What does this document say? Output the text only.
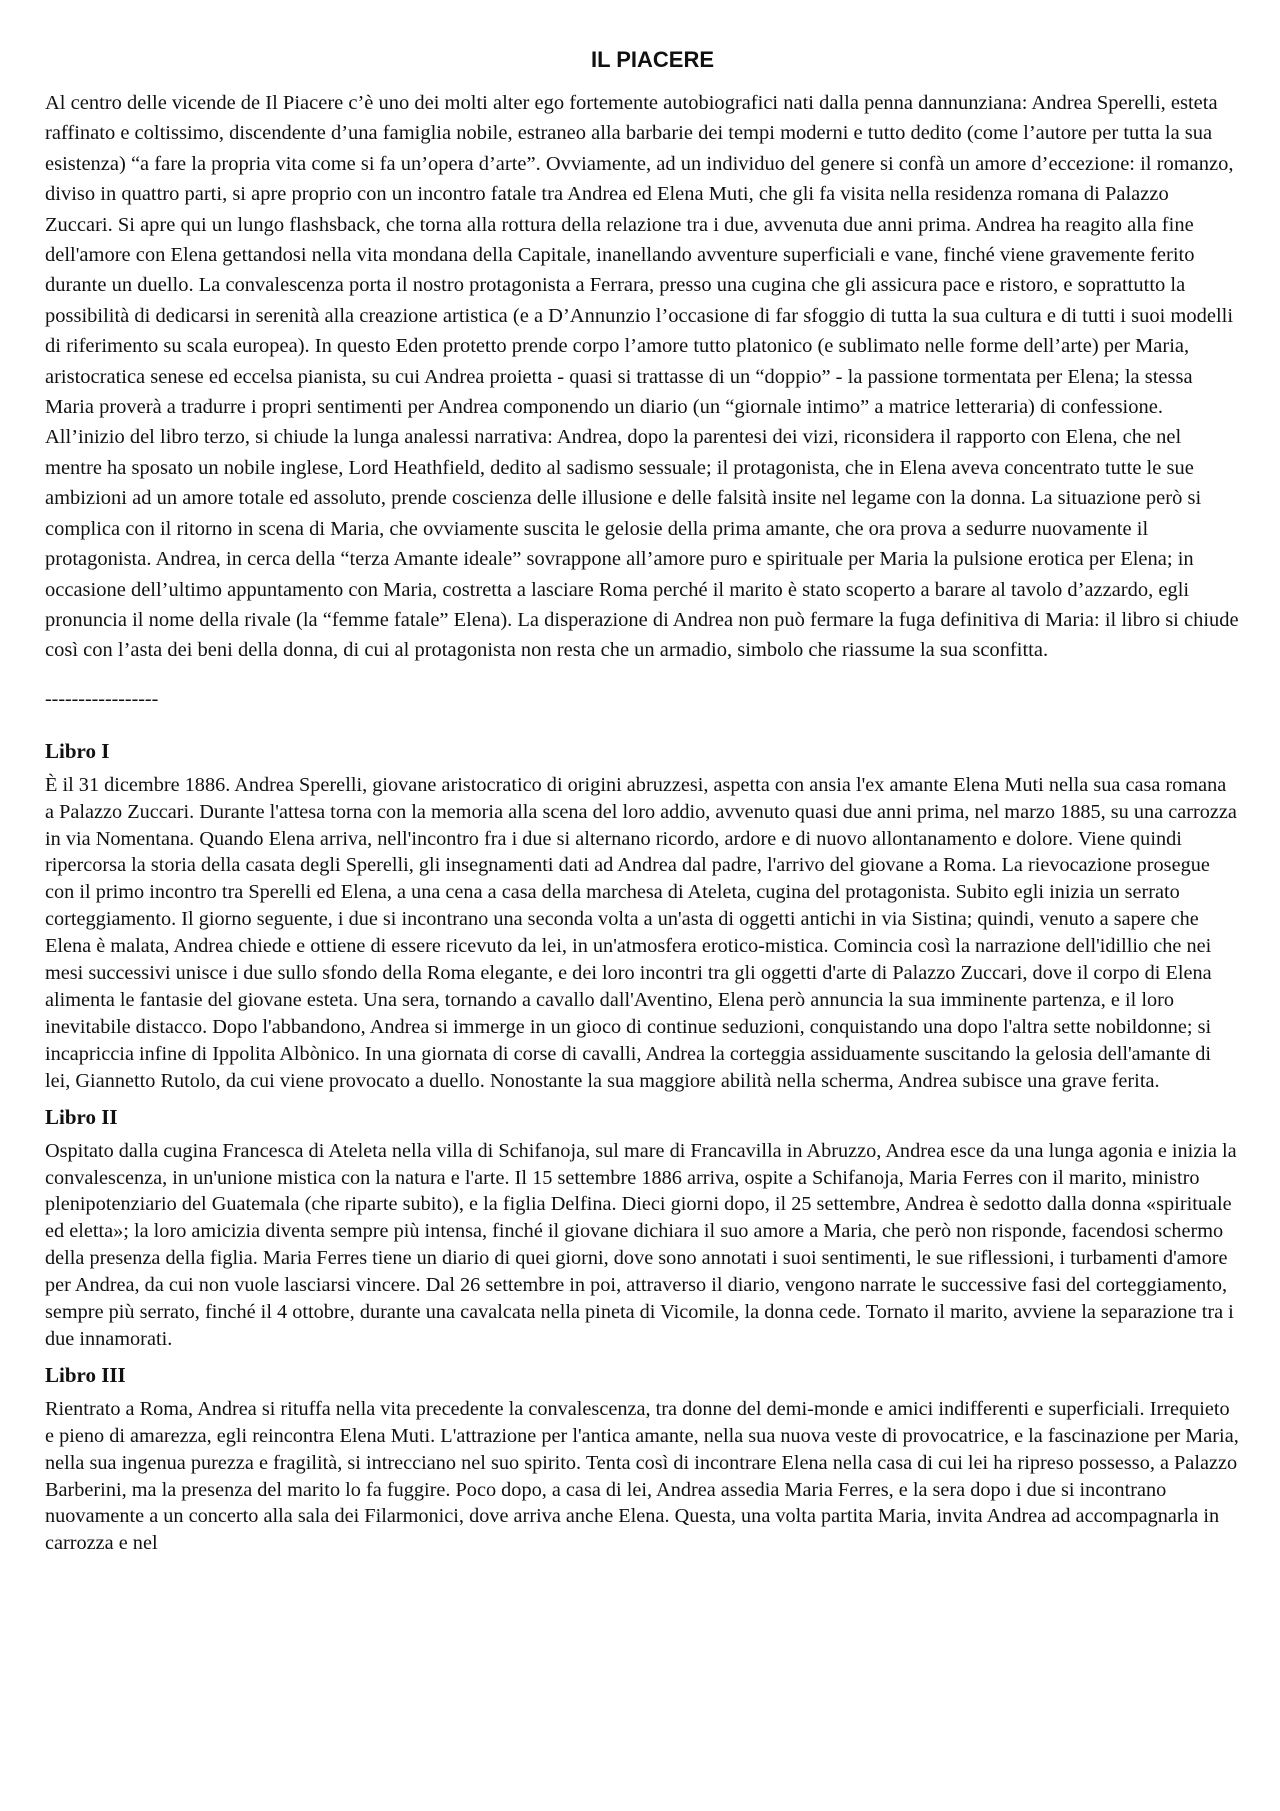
IL PIACERE

Al centro delle vicende de Il Piacere c’è uno dei molti alter ego fortemente autobiografici nati dalla penna dannunziana: Andrea Sperelli, esteta raffinato e coltissimo, discendente d’una famiglia nobile, estraneo alla barbarie dei tempi moderni e tutto dedito (come l’autore per tutta la sua esistenza) “a fare la propria vita come si fa un’opera d’arte”. Ovviamente, ad un individuo del genere si confà un amore d’eccezione: il romanzo, diviso in quattro parti, si apre proprio con un incontro fatale tra Andrea ed Elena Muti, che gli fa visita nella residenza romana di Palazzo Zuccari. Si apre qui un lungo flashsback, che torna alla rottura della relazione tra i due, avvenuta due anni prima. Andrea ha reagito alla fine dell'amore con Elena gettandosi nella vita mondana della Capitale, inanellando avventure superficiali e vane, finché viene gravemente ferito durante un duello. La convalescenza porta il nostro protagonista a Ferrara, presso una cugina che gli assicura pace e ristoro, e soprattutto la possibilità di dedicarsi in serenità alla creazione artistica (e a D’Annunzio l’occasione di far sfoggio di tutta la sua cultura e di tutti i suoi modelli di riferimento su scala europea). In questo Eden protetto prende corpo l’amore tutto platonico (e sublimato nelle forme dell’arte) per Maria, aristocratica senese ed eccelsa pianista, su cui Andrea proietta - quasi si trattasse di un “doppio” - la passione tormentata per Elena; la stessa Maria proverà a tradurre i propri sentimenti per Andrea componendo un diario (un “giornale intimo” a matrice letteraria) di confessione. All’inizio del libro terzo, si chiude la lunga analessi narrativa: Andrea, dopo la parentesi dei vizi, riconsidera il rapporto con Elena, che nel mentre ha sposato un nobile inglese, Lord Heathfield, dedito al sadismo sessuale; il protagonista, che in Elena aveva concentrato tutte le sue ambizioni ad un amore totale ed assoluto, prende coscienza delle illusione e delle falsità insite nel legame con la donna. La situazione però si complica con il ritorno in scena di Maria, che ovviamente suscita le gelosie della prima amante, che ora prova a sedurre nuovamente il protagonista. Andrea, in cerca della “terza Amante ideale” sovrappone all’amore puro e spirituale per Maria la pulsione erotica per Elena; in occasione dell’ultimo appuntamento con Maria, costretta a lasciare Roma perché il marito è stato scoperto a barare al tavolo d’azzardo, egli pronuncia il nome della rivale (la “femme fatale” Elena). La disperazione di Andrea non può fermare la fuga definitiva di Maria: il libro si chiude così con l’asta dei beni della donna, di cui al protagonista non resta che un armadio, simbolo che riassume la sua sconfitta.

-----------------
Libro I

È il 31 dicembre 1886. Andrea Sperelli, giovane aristocratico di origini abruzzesi, aspetta con ansia l'ex amante Elena Muti nella sua casa romana a Palazzo Zuccari. Durante l'attesa torna con la memoria alla scena del loro addio, avvenuto quasi due anni prima, nel marzo 1885, su una carrozza in via Nomentana. Quando Elena arriva, nell'incontro fra i due si alternano ricordo, ardore e di nuovo allontanamento e dolore. Viene quindi ripercorsa la storia della casata degli Sperelli, gli insegnamenti dati ad Andrea dal padre, l'arrivo del giovane a Roma. La rievocazione prosegue con il primo incontro tra Sperelli ed Elena, a una cena a casa della marchesa di Ateleta, cugina del protagonista. Subito egli inizia un serrato corteggiamento. Il giorno seguente, i due si incontrano una seconda volta a un'asta di oggetti antichi in via Sistina; quindi, venuto a sapere che Elena è malata, Andrea chiede e ottiene di essere ricevuto da lei, in un'atmosfera erotico-mistica. Comincia così la narrazione dell'idillio che nei mesi successivi unisce i due sullo sfondo della Roma elegante, e dei loro incontri tra gli oggetti d'arte di Palazzo Zuccari, dove il corpo di Elena alimenta le fantasie del giovane esteta. Una sera, tornando a cavallo dall'Aventino, Elena però annuncia la sua imminente partenza, e il loro inevitabile distacco. Dopo l'abbandono, Andrea si immerge in un gioco di continue seduzioni, conquistando una dopo l'altra sette nobildonne; si incapriccia infine di Ippolita Albònico. In una giornata di corse di cavalli, Andrea la corteggia assiduamente suscitando la gelosia dell'amante di lei, Giannetto Rutolo, da cui viene provocato a duello. Nonostante la sua maggiore abilità nella scherma, Andrea subisce una grave ferita.

Libro II

Ospitato dalla cugina Francesca di Ateleta nella villa di Schifanoja, sul mare di Francavilla in Abruzzo, Andrea esce da una lunga agonia e inizia la convalescenza, in un'unione mistica con la natura e l'arte. Il 15 settembre 1886 arriva, ospite a Schifanoja, Maria Ferres con il marito, ministro plenipotenziario del Guatemala (che riparte subito), e la figlia Delfina. Dieci giorni dopo, il 25 settembre, Andrea è sedotto dalla donna «spirituale ed eletta»; la loro amicizia diventa sempre più intensa, finché il giovane dichiara il suo amore a Maria, che però non risponde, facendosi schermo della presenza della figlia. Maria Ferres tiene un diario di quei giorni, dove sono annotati i suoi sentimenti, le sue riflessioni, i turbamenti d'amore per Andrea, da cui non vuole lasciarsi vincere. Dal 26 settembre in poi, attraverso il diario, vengono narrate le successive fasi del corteggiamento, sempre più serrato, finché il 4 ottobre, durante una cavalcata nella pineta di Vicomile, la donna cede. Tornato il marito, avviene la separazione tra i due innamorati.

Libro III

Rientrato a Roma, Andrea si rituffa nella vita precedente la convalescenza, tra donne del demi-monde e amici indifferenti e superficiali. Irrequieto e pieno di amarezza, egli reincontra Elena Muti. L'attrazione per l'antica amante, nella sua nuova veste di provocatrice, e la fascinazione per Maria, nella sua ingenua purezza e fragilità, si intrecciano nel suo spirito. Tenta così di incontrare Elena nella casa di cui lei ha ripreso possesso, a Palazzo Barberini, ma la presenza del marito lo fa fuggire. Poco dopo, a casa di lei, Andrea assedia Maria Ferres, e la sera dopo i due si incontrano nuovamente a un concerto alla sala dei Filarmonici, dove arriva anche Elena. Questa, una volta partita Maria, invita Andrea ad accompagnarla in carrozza e nel
